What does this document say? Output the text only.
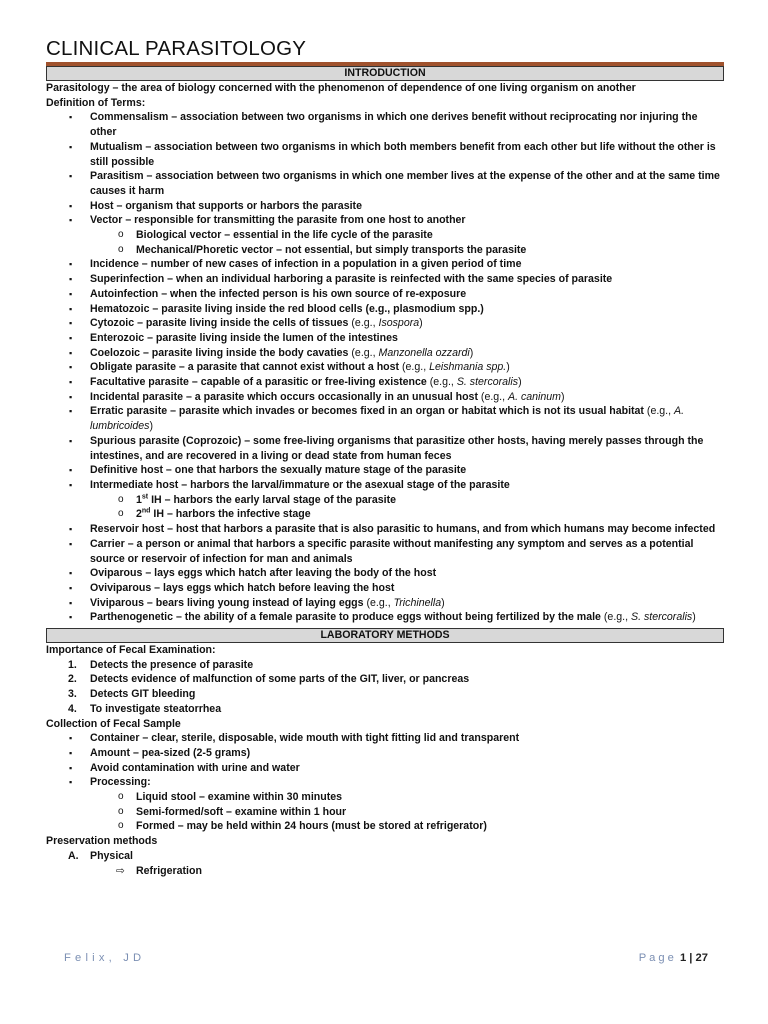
CLINICAL PARASITOLOGY
INTRODUCTION
Parasitology – the area of biology concerned with the phenomenon of dependence of one living organism on another
Definition of Terms:
▪ Commensalism – association between two organisms in which one derives benefit without reciprocating nor injuring the other
▪ Mutualism – association between two organisms in which both members benefit from each other but life without the other is still possible
▪ Parasitism – association between two organisms in which one member lives at the expense of the other and at the same time causes it harm
▪ Host – organism that supports or harbors the parasite
▪ Vector – responsible for transmitting the parasite from one host to another
o Biological vector – essential in the life cycle of the parasite
o Mechanical/Phoretic vector – not essential, but simply transports the parasite
▪ Incidence – number of new cases of infection in a population in a given period of time
▪ Superinfection – when an individual harboring a parasite is reinfected with the same species of parasite
▪ Autoinfection – when the infected person is his own source of re-exposure
▪ Hematozoic – parasite living inside the red blood cells (e.g., plasmodium spp.)
▪ Cytozoic – parasite living inside the cells of tissues (e.g., Isospora)
▪ Enterozoic – parasite living inside the lumen of the intestines
▪ Coelozoic – parasite living inside the body cavaties (e.g., Manzonella ozzardi)
▪ Obligate parasite – a parasite that cannot exist without a host (e.g., Leishmania spp.)
▪ Facultative parasite – capable of a parasitic or free-living existence (e.g., S. stercoralis)
▪ Incidental parasite – a parasite which occurs occasionally in an unusual host (e.g., A. caninum)
▪ Erratic parasite – parasite which invades or becomes fixed in an organ or habitat which is not its usual habitat (e.g., A. lumbricoides)
▪ Spurious parasite (Coprozoic) – some free-living organisms that parasitize other hosts, having merely passes through the intestines, and are recovered in a living or dead state from human feces
▪ Definitive host – one that harbors the sexually mature stage of the parasite
▪ Intermediate host – harbors the larval/immature or the asexual stage of the parasite
o 1st IH – harbors the early larval stage of the parasite
o 2nd IH – harbors the infective stage
▪ Reservoir host – host that harbors a parasite that is also parasitic to humans, and from which humans may become infected
▪ Carrier – a person or animal that harbors a specific parasite without manifesting any symptom and serves as a potential source or reservoir of infection for man and animals
▪ Oviparous – lays eggs which hatch after leaving the body of the host
▪ Oviviparous – lays eggs which hatch before leaving the host
▪ Viviparous – bears living young instead of laying eggs (e.g., Trichinella)
▪ Parthenogenetic – the ability of a female parasite to produce eggs without being fertilized by the male (e.g., S. stercoralis)
LABORATORY METHODS
Importance of Fecal Examination:
1. Detects the presence of parasite
2. Detects evidence of malfunction of some parts of the GIT, liver, or pancreas
3. Detects GIT bleeding
4. To investigate steatorrhea
Collection of Fecal Sample
▪ Container – clear, sterile, disposable, wide mouth with tight fitting lid and transparent
▪ Amount – pea-sized (2-5 grams)
▪ Avoid contamination with urine and water
▪ Processing:
o Liquid stool – examine within 30 minutes
o Semi-formed/soft – examine within 1 hour
o Formed – may be held within 24 hours (must be stored at refrigerator)
Preservation methods
A. Physical
⇨ Refrigeration
Felix, JD	Page 1 | 27
